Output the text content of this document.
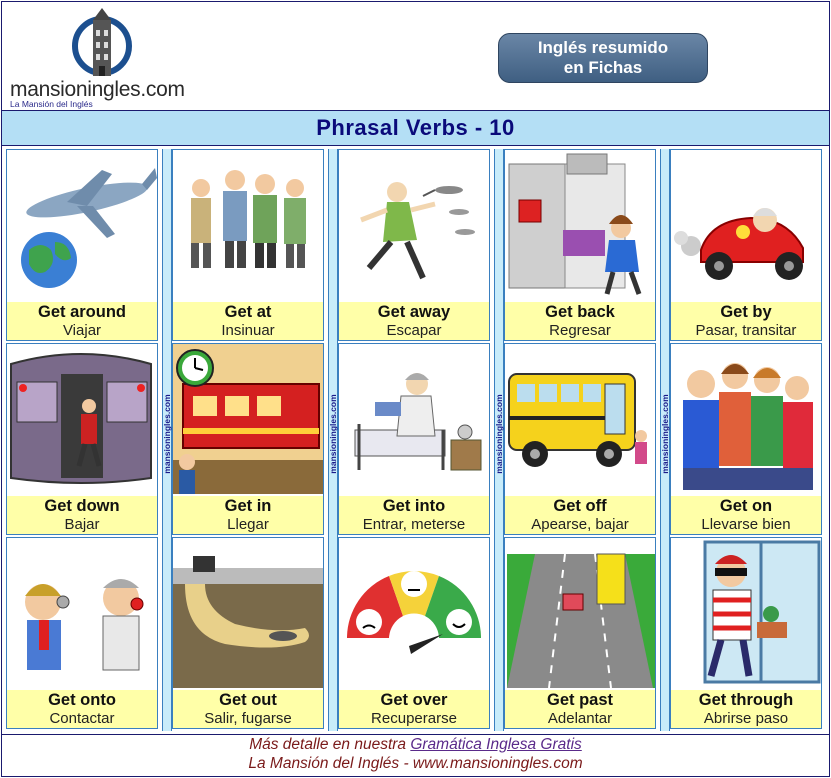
mansioningles.com
La Mansión del Inglés
Inglés resumido
en Fichas
Phrasal Verbs - 10
mansioningles.com	mansioningles.com	mansioningles.com	mansioningles.com
Get around
Viajar
Get at
Insinuar
Get away
Escapar
Get back
Regresar
Get by
Pasar, transitar
Get down
Bajar
Get in
Llegar
Get into
Entrar, meterse
Get off
Apearse, bajar
Get on
Llevarse bien
Get onto
Contactar
Get out
Salir, fugarse
Get over
Recuperarse
Get past
Adelantar
Get through
Abrirse paso
Más detalle en nuestra Gramática Inglesa Gratis
La Mansión del Inglés - www.mansioningles.com
